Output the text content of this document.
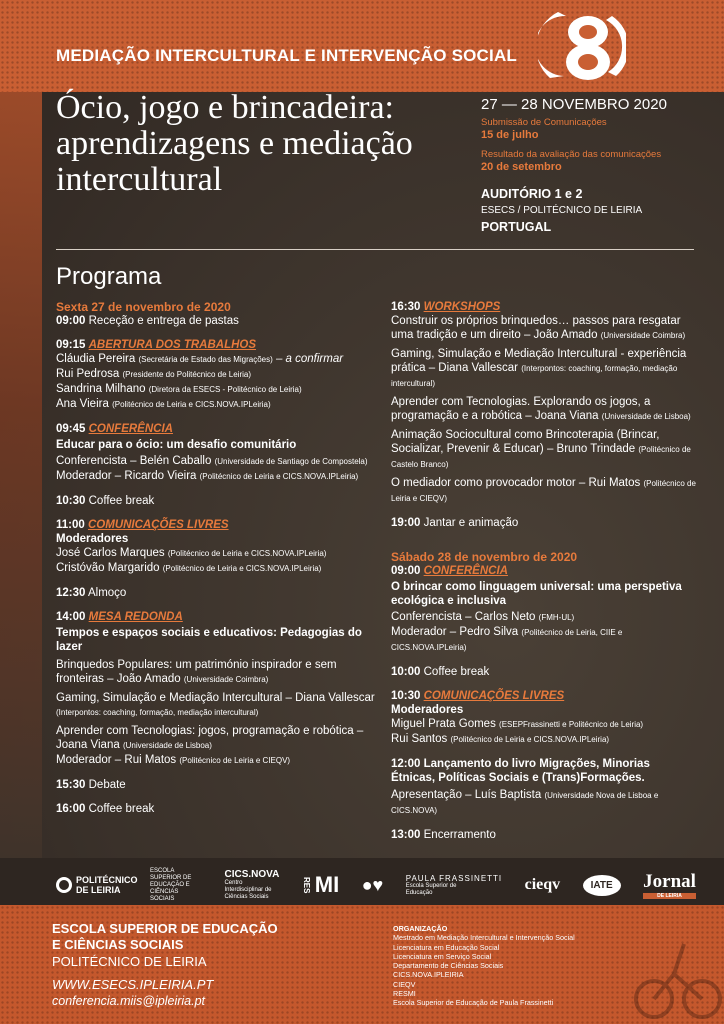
MEDIAÇÃO INTERCULTURAL E INTERVENÇÃO SOCIAL
Ócio, jogo e brincadeira:
aprendizagens e mediação
intercultural
27 — 28 NOVEMBRO 2020
Submissão de Comunicações
15 de julho
Resultado da avaliação das comunicações
20 de setembro
AUDITÓRIO 1 e 2
ESECS / POLITÉCNICO DE LEIRIA
PORTUGAL
Programa
Sexta 27 de novembro de 2020
09:00 Receção e entrega de pastas
09:15 ABERTURA DOS TRABALHOS
Cláudia Pereira (Secretária de Estado das Migrações) – a confirmar
Rui Pedrosa (Presidente do Politécnico de Leiria)
Sandrina Milhano (Diretora da ESECS - Politécnico de Leiria)
Ana Vieira (Politécnico de Leiria e CICS.NOVA.IPLeiria)
09:45 CONFERÊNCIA
Educar para o ócio: um desafio comunitário
Conferencista – Belén Caballo (Universidade de Santiago de Compostela)
Moderador – Ricardo Vieira (Politécnico de Leiria e CICS.NOVA.IPLeiria)
10:30 Coffee break
11:00 COMUNICAÇÕES LIVRES
Moderadores
José Carlos Marques (Politécnico de Leiria e CICS.NOVA.IPLeiria)
Cristóvão Margarido (Politécnico de Leiria e CICS.NOVA.IPLeiria)
12:30 Almoço
14:00 MESA REDONDA
Tempos e espaços sociais e educativos: Pedagogias do lazer
Brinquedos Populares: um património inspirador e sem fronteiras – João Amado (Universidade Coimbra)
Gaming, Simulação e Mediação Intercultural – Diana Vallescar (Interpontos: coaching, formação, mediação intercultural)
Aprender com Tecnologias: jogos, programação e robótica – Joana Viana (Universidade de Lisboa)
Moderador – Rui Matos (Politécnico de Leiria e CIEQV)
15:30 Debate
16:00 Coffee break
16:30 WORKSHOPS
Construir os próprios brinquedos… passos para resgatar uma tradição e um direito – João Amado (Universidade Coimbra)
Gaming, Simulação e Mediação Intercultural - experiência prática – Diana Vallescar (Interpontos: coaching, formação, mediação intercultural)
Aprender com Tecnologias. Explorando os jogos, a programação e a robótica – Joana Viana (Universidade de Lisboa)
Animação Sociocultural como Brincoterapia (Brincar, Socializar, Prevenir & Educar) – Bruno Trindade (Politécnico de Castelo Branco)
O mediador como provocador motor – Rui Matos (Politécnico de Leiria e CIEQV)
19:00 Jantar e animação
Sábado 28 de novembro de 2020
09:00 CONFERÊNCIA
O brincar como linguagem universal: uma perspetiva ecológica e inclusiva
Conferencista – Carlos Neto (FMH-UL)
Moderador – Pedro Silva (Politécnico de Leiria, CIIE e CICS.NOVA.IPLeiria)
10:00 Coffee break
10:30 COMUNICAÇÕES LIVRES
Moderadores
Miguel Prata Gomes (ESEPFrassinetti e Politécnico de Leiria)
Rui Santos (Politécnico de Leiria e CICS.NOVA.IPLeiria)
12:00 Lançamento do livro Migrações, Minorias Étnicas, Políticas Sociais e (Trans)Formações.
Apresentação – Luís Baptista (Universidade Nova de Lisboa e CICS.NOVA)
13:00 Encerramento
POLITÉCNICO DE LEIRIA
ESCOLA SUPERIOR DE EDUCAÇÃO E CIÊNCIAS SOCIAIS
CICS.NOVA
Centro Interdisciplinar de Ciências Sociais
RES MI ●♥	PAULA FRASSINETTI
Escola Superior de Educação	cieqv	IATE	Jornal
DE LEIRIA
ESCOLA SUPERIOR DE EDUCAÇÃO
E CIÊNCIAS SOCIAIS
POLITÉCNICO DE LEIRIA
WWW.ESECS.IPLEIRIA.PT
conferencia.miis@ipleiria.pt
ORGANIZAÇÃO
Mestrado em Mediação Intercultural e Intervenção Social
Licenciatura em Educação Social
Licenciatura em Serviço Social
Departamento de Ciências Sociais
CICS.NOVA.IPLEIRIA
CIEQV
RESMI
Escola Superior de Educação de Paula Frassinetti
